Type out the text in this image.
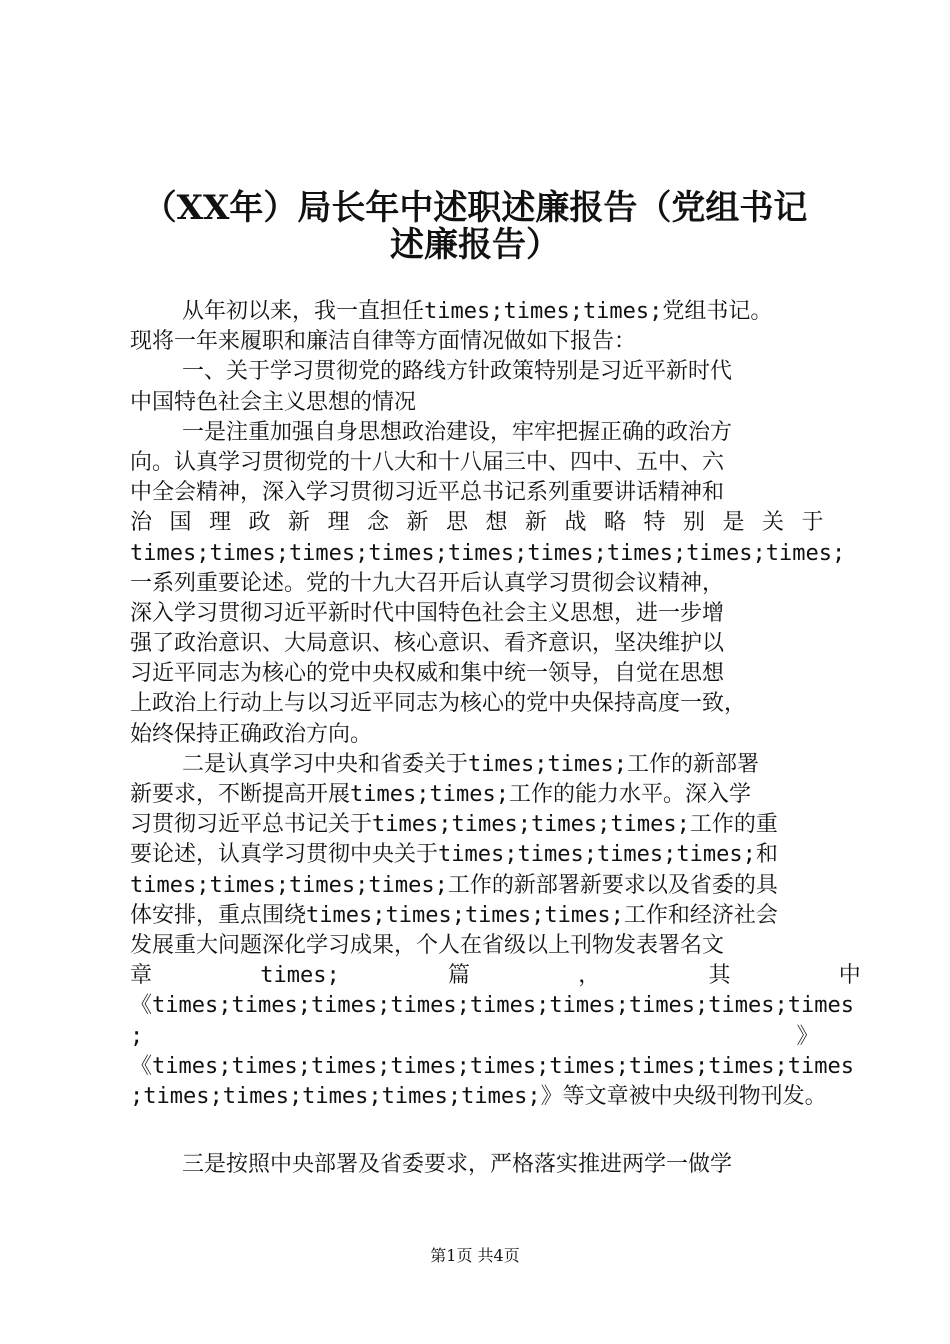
（XX年）局长年中述职述廉报告（党组书记
述廉报告）
从年初以来，我一直担任times;times;times;党组书记。
现将一年来履职和廉洁自律等方面情况做如下报告：
一、关于学习贯彻党的路线方针政策特别是习近平新时代
中国特色社会主义思想的情况
一是注重加强自身思想政治建设，牢牢把握正确的政治方
向。认真学习贯彻党的十八大和十八届三中、四中、五中、六
中全会精神，深入学习贯彻习近平总书记系列重要讲话精神和
治国理政新理念新思想新战略特别是关于
times;times;times;times;times;times;times;times;times;
一系列重要论述。党的十九大召开后认真学习贯彻会议精神，
深入学习贯彻习近平新时代中国特色社会主义思想，进一步增
强了政治意识、大局意识、核心意识、看齐意识，坚决维护以
习近平同志为核心的党中央权威和集中统一领导，自觉在思想
上政治上行动上与以习近平同志为核心的党中央保持高度一致，
始终保持正确政治方向。
二是认真学习中央和省委关于times;times;工作的新部署
新要求，不断提高开展times;times;工作的能力水平。深入学
习贯彻习近平总书记关于times;times;times;times;工作的重
要论述，认真学习贯彻中央关于times;times;times;times;和
times;times;times;times;工作的新部署新要求以及省委的具
体安排，重点围绕times;times;times;times;工作和经济社会
发展重大问题深化学习成果，个人在省级以上刊物发表署名文
章 times; 篇 ， 其 中
《times;times;times;times;times;times;times;times;times
; 》
《times;times;times;times;times;times;times;times;times
;times;times;times;times;times;》等文章被中央级刊物刊发。
三是按照中央部署及省委要求，严格落实推进两学一做学
第1页 共4页
